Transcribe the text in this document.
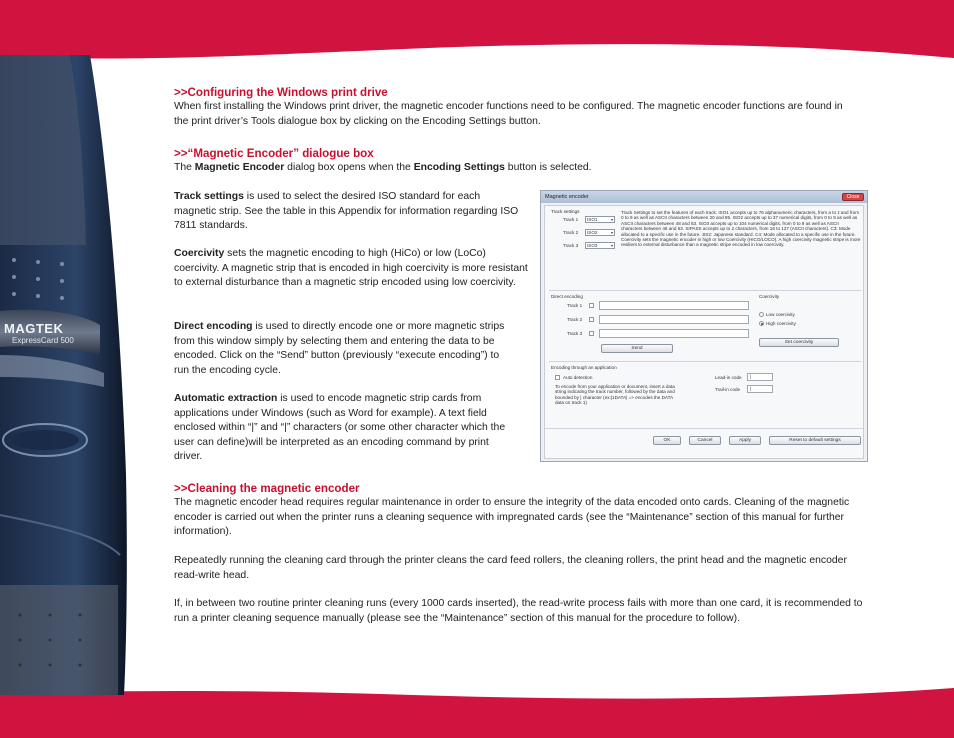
MAGTEK
ExpressCard 500
>>Configuring the Windows print drive

When first installing the Windows print driver, the magnetic encoder functions need to be configured. The magnetic encoder functions are found in the print driver’s Tools dialogue box by clicking on the Encoding Settings button.

>>“Magnetic Encoder” dialogue box

The Magnetic Encoder dialog box opens when the Encoding Settings button is selected.

Track settings is used to select the desired ISO standard for each magnetic strip. See the table in this Appendix for information regarding ISO 7811 standards.

Coercivity sets the magnetic encoding to high (HiCo) or low (LoCo) coercivity. A magnetic strip that is encoded in high coercivity is more resistant to external disturbance than a magnetic strip encoded using low coercivity.

Direct encoding is used to directly encode one or more magnetic strips from this window simply by selecting them and entering the data to be encoded. Click on the “Send” button (previously “execute encoding”) to run the encoding cycle.

Automatic extraction is used to encode magnetic strip cards from applications under Windows (such as Word for example). A text field enclosed within “|” and “|” characters (or some other character which the user can define)will be interpreted as an encoding command by print driver.

>>Cleaning the magnetic encoder

The magnetic encoder head requires regular maintenance in order to ensure the integrity of the data encoded onto cards. Cleaning of the magnetic encoder is carried out when the printer runs a cleaning sequence with impregnated cards (see the “Maintenance” section of this manual for further information).

Repeatedly running the cleaning card through the printer cleans the card feed rollers, the cleaning rollers, the print head and the magnetic encoder read-write head.

If, in between two routine printer cleaning runs (every 1000 cards inserted), the read-write process fails with more than one card, it is recommended to run a printer cleaning sequence manually (please see the “Maintenance” section of this manual for the procedure to follow).

Magnetic encoder	Close
Track settings
Track 1	ISO1	▾
Track 2	ISO2	▾
Track 3	ISO3	▾
Track Settings to set the features of each track. ISO1 accepts up to 76 alphanumeric characters, from a to z and from 0 to 9 as well as ASCII characters between 20 and 95. ISO2 accepts up to 37 numerical digits, from 0 to 9 as well as ASCII characters between 48 and 63. ISO3 accepts up to 104 numerical digits, from 0 to 9 as well as ASCII characters between 48 and 63. SIPASS accepts up to 2 characters, from 16 to 127 (ASCII characters). C3: Mode allocated to a specific use in the future. JIS2: Japanese standard. C4: Mode allocated to a specific use in the future. Coercivity sets the magnetic encoder in high or low Coercivity (HICO/LOCO). A high coercivity magnetic stripe is more resilient to external disturbance than a magnetic stripe encoded in low coercivity.
Direct encoding
Track 1
Track 2
Track 3
Send
Coercivity
Low coercivity
High coercivity
Set coercivity
Encoding through an application
Auto detection
To encode from your application or document, insert a data string indicating the track number, followed by the data and bounded by | character (ex:|1DATA| => encodes the DATA data on track 1)
Lead-in code	|
Trail-in code	|
OK	Cancel	Apply	Reset to default settings
